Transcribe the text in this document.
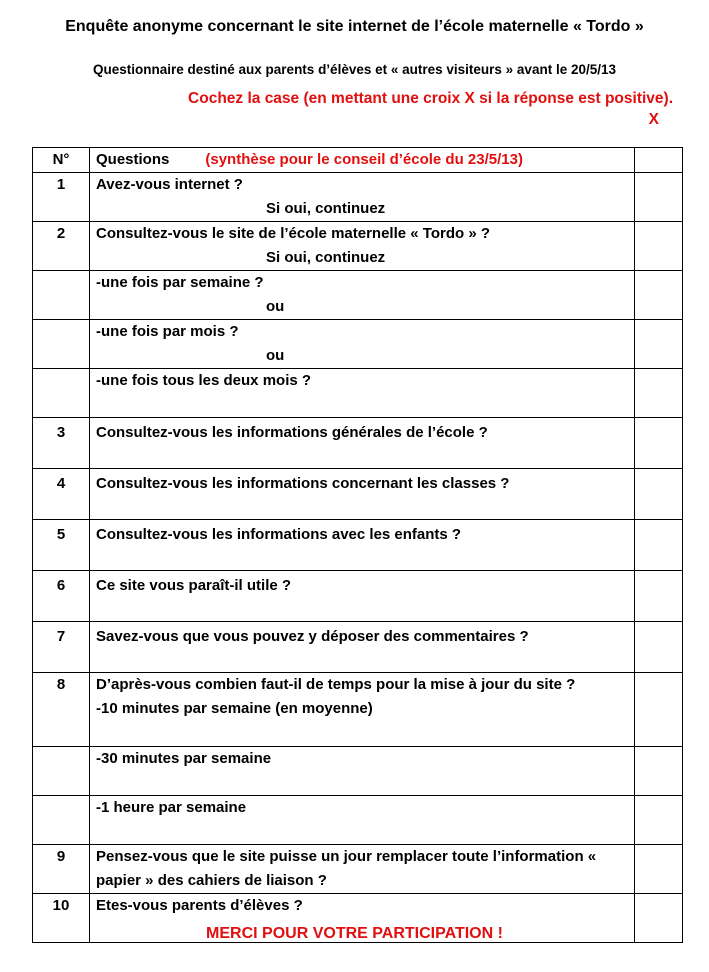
Enquête anonyme concernant le site internet de l’école maternelle « Tordo »
Questionnaire destiné aux parents d’élèves et « autres visiteurs » avant le 20/5/13
Cochez la case (en mettant une croix X si la réponse est positive).
X
N°	Questions (synthèse pour le conseil d’école du 23/5/13)	
1	Avez-vous internet ?
Si oui, continuez	

2	Consultez-vous le site de l’école maternelle « Tordo » ?
Si oui, continuez	

	-une fois par semaine ?
ou	

	-une fois par mois ?
ou	

	-une fois tous les deux mois ?	

3	Consultez-vous les informations générales de l’école ?	
4	Consultez-vous les informations concernant les classes ?	
5	Consultez-vous les informations avec les enfants ?	
6	Ce site vous paraît-il utile ?	
7	Savez-vous que vous pouvez y déposer des commentaires ?	
8	D’après-vous combien faut-il de temps pour la mise à jour du site ?
-10 minutes par semaine (en moyenne)	

	-30 minutes par semaine	
	-1 heure par semaine	
9	Pensez-vous que le site puisse un jour remplacer toute l’information « papier » des cahiers de liaison ?	
10	Etes-vous parents d’élèves ?	
MERCI POUR VOTRE PARTICIPATION !
